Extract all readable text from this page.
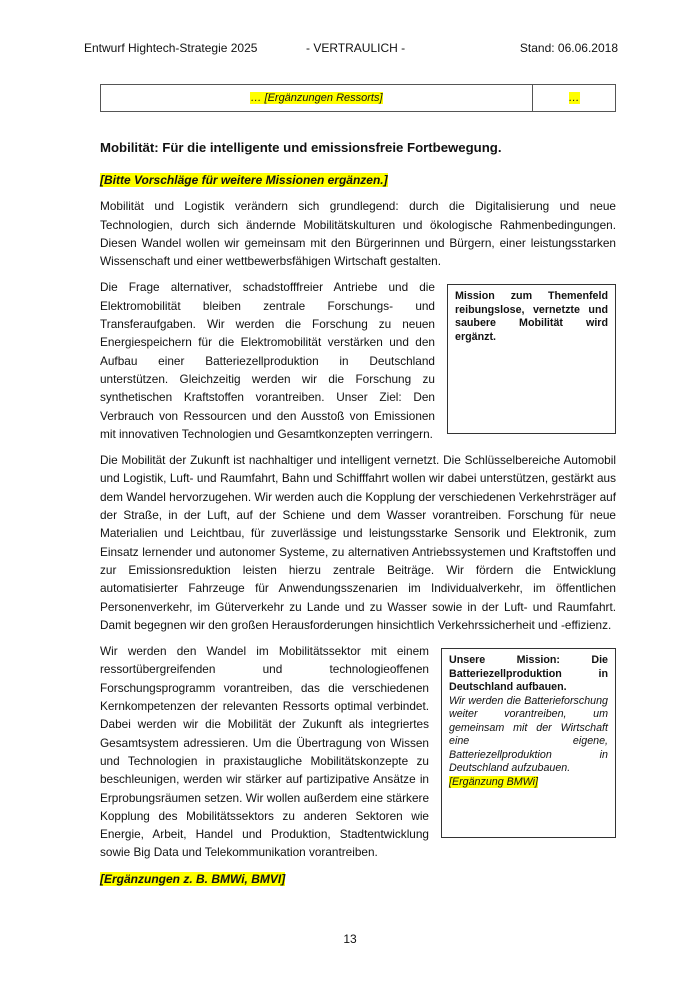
Entwurf Hightech-Strategie 2025	- VERTRAULICH -	Stand: 06.06.2018
… [Ergänzungen Ressorts]	…
Mobilität: Für die intelligente und emissionsfreie Fortbewegung.
[Bitte Vorschläge für weitere Missionen ergänzen.]

Mobilität und Logistik verändern sich grundlegend: durch die Digitalisierung und neue Technologien, durch sich ändernde Mobilitätskulturen und ökologische Rahmenbedingungen. Diesen Wandel wollen wir gemeinsam mit den Bürgerinnen und Bürgern, einer leistungsstarken Wissenschaft und einer wettbewerbsfähigen Wirtschaft gestalten.

Mission zum Themenfeld reibungslose, vernetzte und saubere Mobilität wird ergänzt.

Die Frage alternativer, schadstofffreier Antriebe und die Elektromobilität bleiben zentrale Forschungs- und Transferaufgaben. Wir werden die Forschung zu neuen Energiespeichern für die Elektromobilität verstärken und den Aufbau einer Batteriezellproduktion in Deutschland unterstützen. Gleichzeitig werden wir die Forschung zu synthetischen Kraftstoffen vorantreiben. Unser Ziel: Den Verbrauch von Ressourcen und den Ausstoß von Emissionen mit innovativen Technologien und Gesamtkonzepten verringern.

Die Mobilität der Zukunft ist nachhaltiger und intelligent vernetzt. Die Schlüsselbereiche Automobil und Logistik, Luft- und Raumfahrt, Bahn und Schifffahrt wollen wir dabei unterstützen, gestärkt aus dem Wandel hervorzugehen. Wir werden auch die Kopplung der verschiedenen Verkehrsträger auf der Straße, in der Luft, auf der Schiene und dem Wasser vorantreiben. Forschung für neue Materialien und Leichtbau, für zuverlässige und leistungsstarke Sensorik und Elektronik, zum Einsatz lernender und autonomer Systeme, zu alternativen Antriebssystemen und Kraftstoffen und zur Emissionsreduktion leisten hierzu zentrale Beiträge. Wir fördern die Entwicklung automatisierter Fahrzeuge für Anwendungsszenarien im Individualverkehr, im öffentlichen Personenverkehr, im Güterverkehr zu Lande und zu Wasser sowie in der Luft- und Raumfahrt. Damit begegnen wir den großen Herausforderungen hinsichtlich Verkehrssicherheit und -effizienz.

Unsere Mission: Die Batteriezellproduktion in Deutschland aufbauen.
Wir werden die Batterieforschung weiter vorantreiben, um gemeinsam mit der Wirtschaft eine eigene, Batteriezellproduktion in Deutschland aufzubauen.
[Ergänzung BMWi]

Wir werden den Wandel im Mobilitätssektor mit einem ressortübergreifenden und technologieoffenen Forschungsprogramm vorantreiben, das die verschiedenen Kernkompetenzen der relevanten Ressorts optimal verbindet. Dabei werden wir die Mobilität der Zukunft als integriertes Gesamtsystem adressieren. Um die Übertragung von Wissen und Technologien in praxistaugliche Mobilitätskonzepte zu beschleunigen, werden wir stärker auf partizipative Ansätze in Erprobungsräumen setzen. Wir wollen außerdem eine stärkere Kopplung des Mobilitätssektors zu anderen Sektoren wie Energie, Arbeit, Handel und Produktion, Stadtentwicklung sowie Big Data und Telekommunikation vorantreiben.

[Ergänzungen z. B. BMWi, BMVI]
13
